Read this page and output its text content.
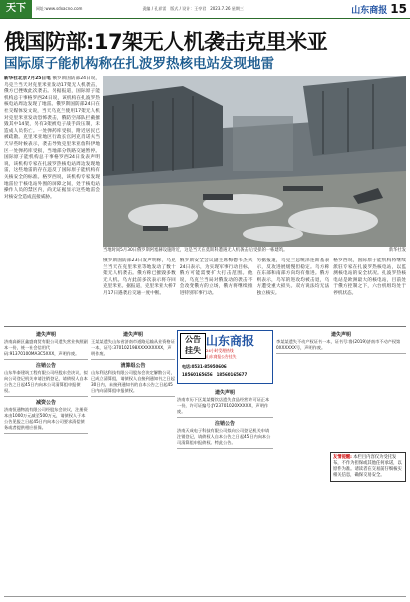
天下	网址:www.sdxacno.com	责编 / 孔祥雷　版式 / 设计：王亭君　2023.7.26 星期三	山东商报 15
俄国防部:17架无人机袭击克里米亚
国际原子能机构称在扎波罗热核电站发现地雷
新华社北京7月25日电 俄罗斯国防部24日说，乌克兰当天对克里米亚发动17架无人机袭击，俄方已挫败此次袭击。另据报道，国际原子能机构总干事格罗西24日说，该机构在扎波罗热核电站周边发现了地雷。俄罗斯国防部24日在社交媒体发文说，当天乌克兰使用17架无人机对克里米亚发动恐怖袭击，俄防空部队拦截摧毁其中14架，另有3架被电子战手段压制，未造成人员伤亡。一处弹药库受损，附近居民已被疏散。克里米亚地区行政长官阿克肖诺夫当天早些时候表示，袭击导致克里米亚詹科伊地区一处弹药库受损，当地部分铁路交通暂停。国际原子能机构总干事格罗西24日发表声明说，该机构专家在扎波罗热核电站周边发现地雷，这些地雷的存在违反了国际原子能机构有关核安全的标准。格罗西说，该机构专家发现地雷位于核电站外围的屏障之间，处于核电站操作人员的禁区内，尚无证据显示这些地雷会对核安全造成直接威胁。
当地时间5月30日俄罗斯阿塞赫设施附近，这是当天在莫斯科遭遇无人机袭击后受损的一栋建筑。	新华社发
俄罗斯国防部23日发声明称，乌克兰当天在克里米亚等地发动了数十架无人机袭击。俄方称已摧毁多数无人机。乌方此前多次表示将夺回克里米亚。据报道，克里米亚大桥7月17日遇袭后交通一度中断。
俄罗斯安全会议副主席梅德韦杰夫24日表示，为实现军事行动目标，俄方可能需要扩大打击范围。他说，乌克兰当局对俄发动的袭击不会改变俄方的立场，俄方将继续推进特别军事行动。
另据报道，乌克兰总统泽连斯基表示，反攻进展缓慢但稳定。乌方称在东部和南部方向均有推进。俄方则表示，乌军的进攻均被击退，乌方遭受重大损失。双方说法均无法独立核实。
格罗西说，国际原子能机构将继续派驻专家在扎波罗热核电站，以监测核电站的安全状况。扎波罗热核电站是欧洲最大的核电站，目前处于俄方控制之下，六台机组均处于停机状态。
遗失声明
济南高新区鑫盛商贸有限公司遗失营业执照副本一份，统一社会信用代码:91370100MA3C5XXX，声明作废。
注销公告
山东华泰建筑工程有限公司经股东会决议，拟向公司登记机关申请注销登记，请债权人自本公告之日起45日内向本公司清算组申报债权。
减资公告
济南恒通物流有限公司经股东会决议，注册资本由1000万元减至500万元，请债权人于本公告见报之日起45日内向本公司要求清偿债务或者提供相应担保。
遗失声明
王某某遗失山东省济南市道路运输从业资格证一本，证号:370102198XXXXXXXXX，声明作废。
清算组公告
山东利达科技有限公司股东会决定解散公司，已成立清算组，请债权人自接到通知书之日起30日内，未接到通知书的自本公告之日起45日内向清算组申报债权。
公告 挂失
山东商报
24小时受理热线
山东商报公告挂失
电话:0531-85950606
18560165656　18560165677
遗失声明
济南市历下区某某餐饮店遗失食品经营许可证正本一份，许可证编号:JY23701020XXXXX，声明作废。
注销公告
济南天成电子科技有限公司拟向公司登记机关申请注销登记，请债权人自本公告之日起45日内向本公司清算组申报债权。特此公告。
遗失声明
李某某遗失不动产权证书一本，证书号:鲁(2019)济南市不动产权第0XXXXXX号，声明作废。
友情提醒: 本栏目内容仅为受托发布，不作为担保或其他任何承诺，以原件为准。请读者在交易前仔细核实相关信息，确保交易安全。
